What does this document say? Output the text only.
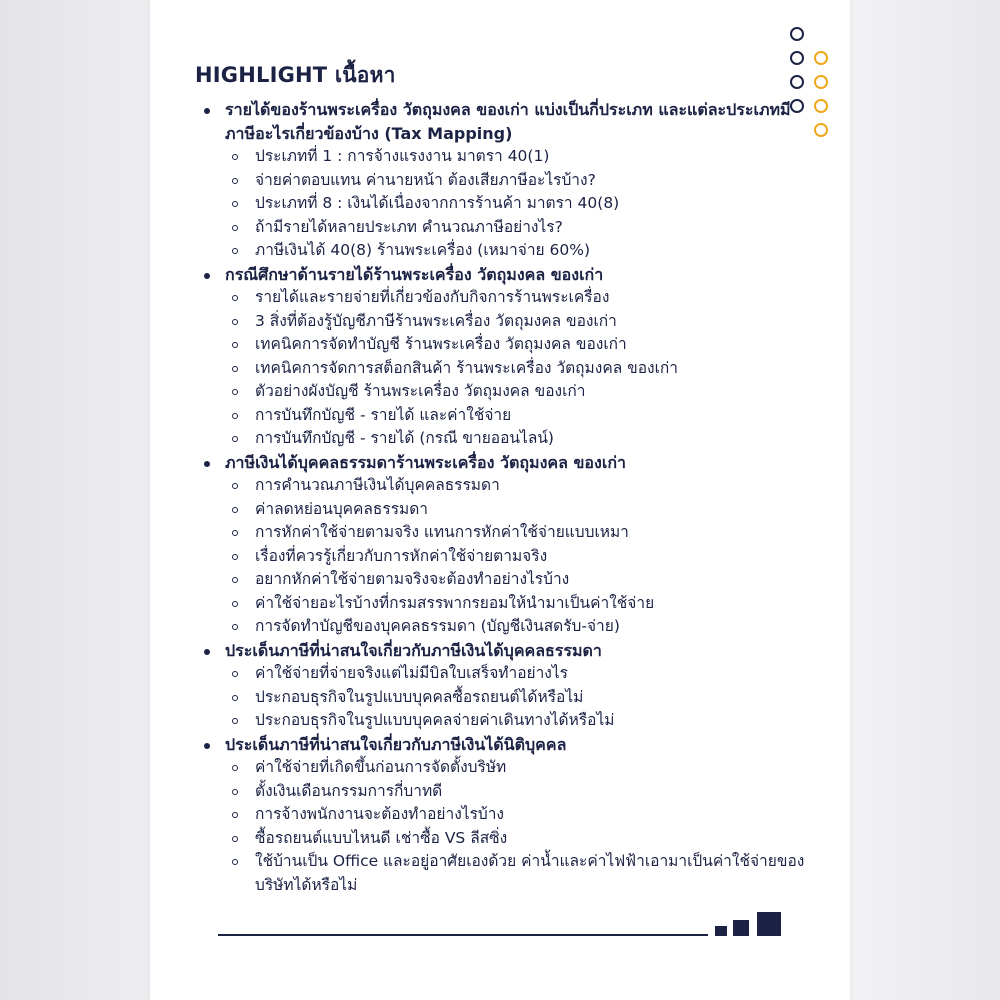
HIGHLIGHT เนื้อหา
รายได้ของร้านพระเครื่อง วัตถุมงคล ของเก่า แบ่งเป็นกี่ประเภท และแต่ละประเภทมีภาษีอะไรเกี่ยวข้องบ้าง (Tax Mapping)
ประเภทที่ 1 : การจ้างแรงงาน มาตรา 40(1)
จ่ายค่าตอบแทน ค่านายหน้า ต้องเสียภาษีอะไรบ้าง?
ประเภทที่ 8 : เงินได้เนื่องจากการร้านค้า มาตรา 40(8)
ถ้ามีรายได้หลายประเภท คำนวณภาษีอย่างไร?
ภาษีเงินได้ 40(8) ร้านพระเครื่อง (เหมาจ่าย 60%)
กรณีศึกษาด้านรายได้ร้านพระเครื่อง วัตถุมงคล ของเก่า
รายได้และรายจ่ายที่เกี่ยวข้องกับกิจการร้านพระเครื่อง
3 สิ่งที่ต้องรู้บัญชีภาษีร้านพระเครื่อง วัตถุมงคล ของเก่า
เทคนิคการจัดทำบัญชี ร้านพระเครื่อง วัตถุมงคล ของเก่า
เทคนิคการจัดการสต็อกสินค้า ร้านพระเครื่อง วัตถุมงคล ของเก่า
ตัวอย่างผังบัญชี ร้านพระเครื่อง วัตถุมงคล ของเก่า
การบันทึกบัญชี - รายได้ และค่าใช้จ่าย
การบันทึกบัญชี - รายได้ (กรณี ขายออนไลน์)
ภาษีเงินได้บุคคลธรรมดาร้านพระเครื่อง วัตถุมงคล ของเก่า
การคำนวณภาษีเงินได้บุคคลธรรมดา
ค่าลดหย่อนบุคคลธรรมดา
การหักค่าใช้จ่ายตามจริง แทนการหักค่าใช้จ่ายแบบเหมา
เรื่องที่ควรรู้เกี่ยวกับการหักค่าใช้จ่ายตามจริง
อยากหักค่าใช้จ่ายตามจริงจะต้องทำอย่างไรบ้าง
ค่าใช้จ่ายอะไรบ้างที่กรมสรรพากรยอมให้นำมาเป็นค่าใช้จ่าย
การจัดทำบัญชีของบุคคลธรรมดา (บัญชีเงินสดรับ-จ่าย)
ประเด็นภาษีที่น่าสนใจเกี่ยวกับภาษีเงินได้บุคคลธรรมดา
ค่าใช้จ่ายที่จ่ายจริงแต่ไม่มีบิลใบเสร็จทำอย่างไร
ประกอบธุรกิจในรูปแบบบุคคลซื้อรถยนต์ได้หรือไม่
ประกอบธุรกิจในรูปแบบบุคคลจ่ายค่าเดินทางได้หรือไม่
ประเด็นภาษีที่น่าสนใจเกี่ยวกับภาษีเงินได้นิติบุคคล
ค่าใช้จ่ายที่เกิดขึ้นก่อนการจัดตั้งบริษัท
ตั้งเงินเดือนกรรมการกี่บาทดี
การจ้างพนักงานจะต้องทำอย่างไรบ้าง
ซื้อรถยนต์แบบไหนดี เช่าซื้อ VS ลีสซิ่ง
ใช้บ้านเป็น Office และอยู่อาศัยเองด้วย ค่าน้ำและค่าไฟฟ้าเอามาเป็นค่าใช้จ่ายของบริษัทได้หรือไม่
